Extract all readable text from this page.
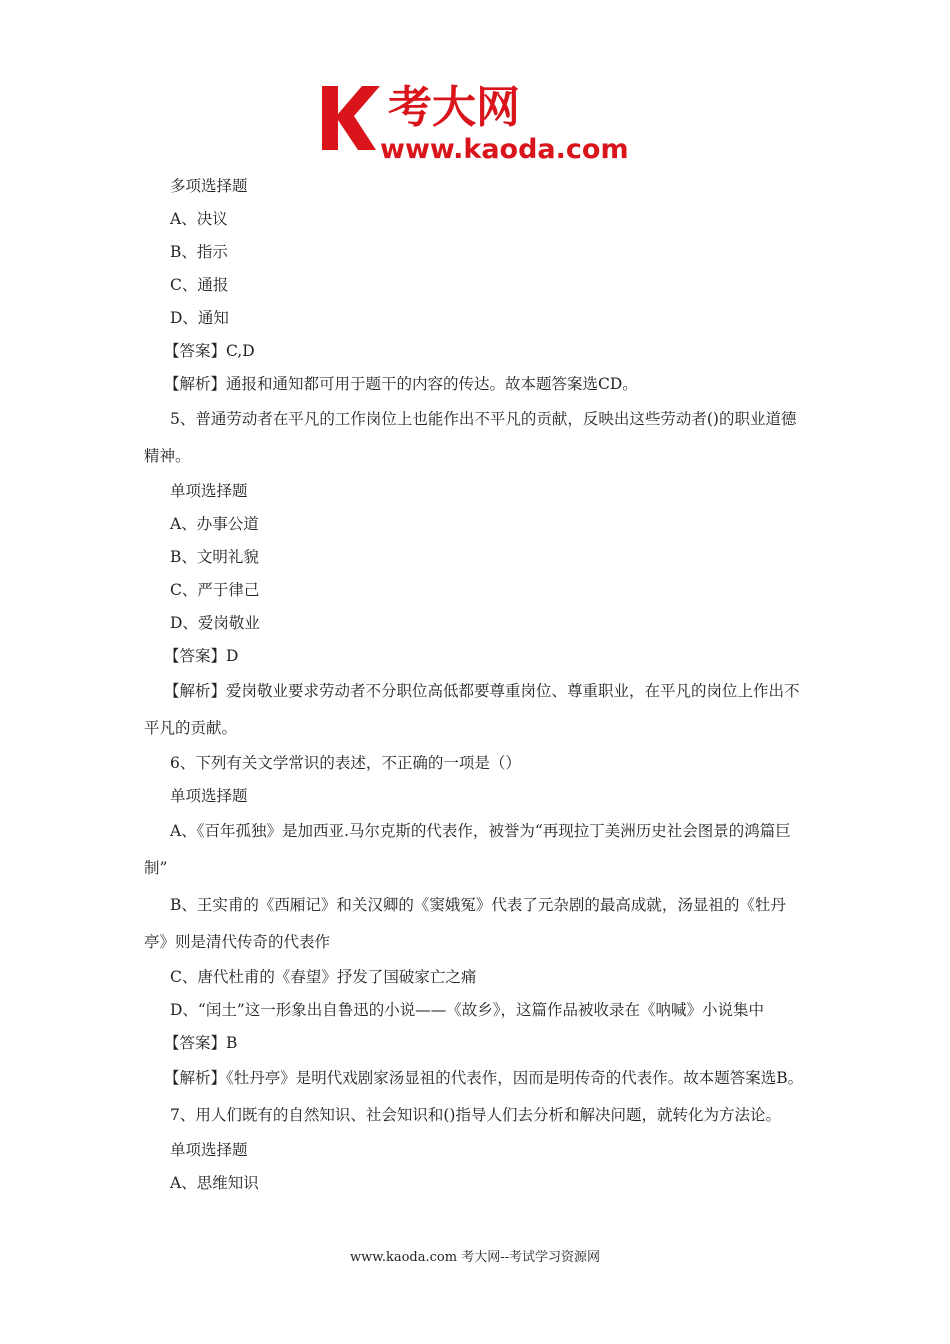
考大网
www.kaoda.com

多项选择题

A、决议

B、指示

C、通报

D、通知

【答案】C,D

【解析】通报和通知都可用于题干的内容的传达。故本题答案选CD。

5、普通劳动者在平凡的工作岗位上也能作出不平凡的贡献，反映出这些劳动者()的职业道德精神。

单项选择题

A、办事公道

B、文明礼貌

C、严于律己

D、爱岗敬业

【答案】D

【解析】爱岗敬业要求劳动者不分职位高低都要尊重岗位、尊重职业，在平凡的岗位上作出不平凡的贡献。

6、下列有关文学常识的表述，不正确的一项是（）

单项选择题

A、《百年孤独》是加西亚.马尔克斯的代表作，被誉为“再现拉丁美洲历史社会图景的鸿篇巨制”

B、王实甫的《西厢记》和关汉卿的《窦娥冤》代表了元杂剧的最高成就，汤显祖的《牡丹亭》则是清代传奇的代表作

C、唐代杜甫的《春望》抒发了国破家亡之痛

D、“闰土”这一形象出自鲁迅的小说——《故乡》，这篇作品被收录在《呐喊》小说集中

【答案】B

【解析】《牡丹亭》是明代戏剧家汤显祖的代表作，因而是明传奇的代表作。故本题答案选B。

7、用人们既有的自然知识、社会知识和()指导人们去分析和解决问题，就转化为方法论。

单项选择题

A、思维知识

www.kaoda.com 考大网--考试学习资源网
